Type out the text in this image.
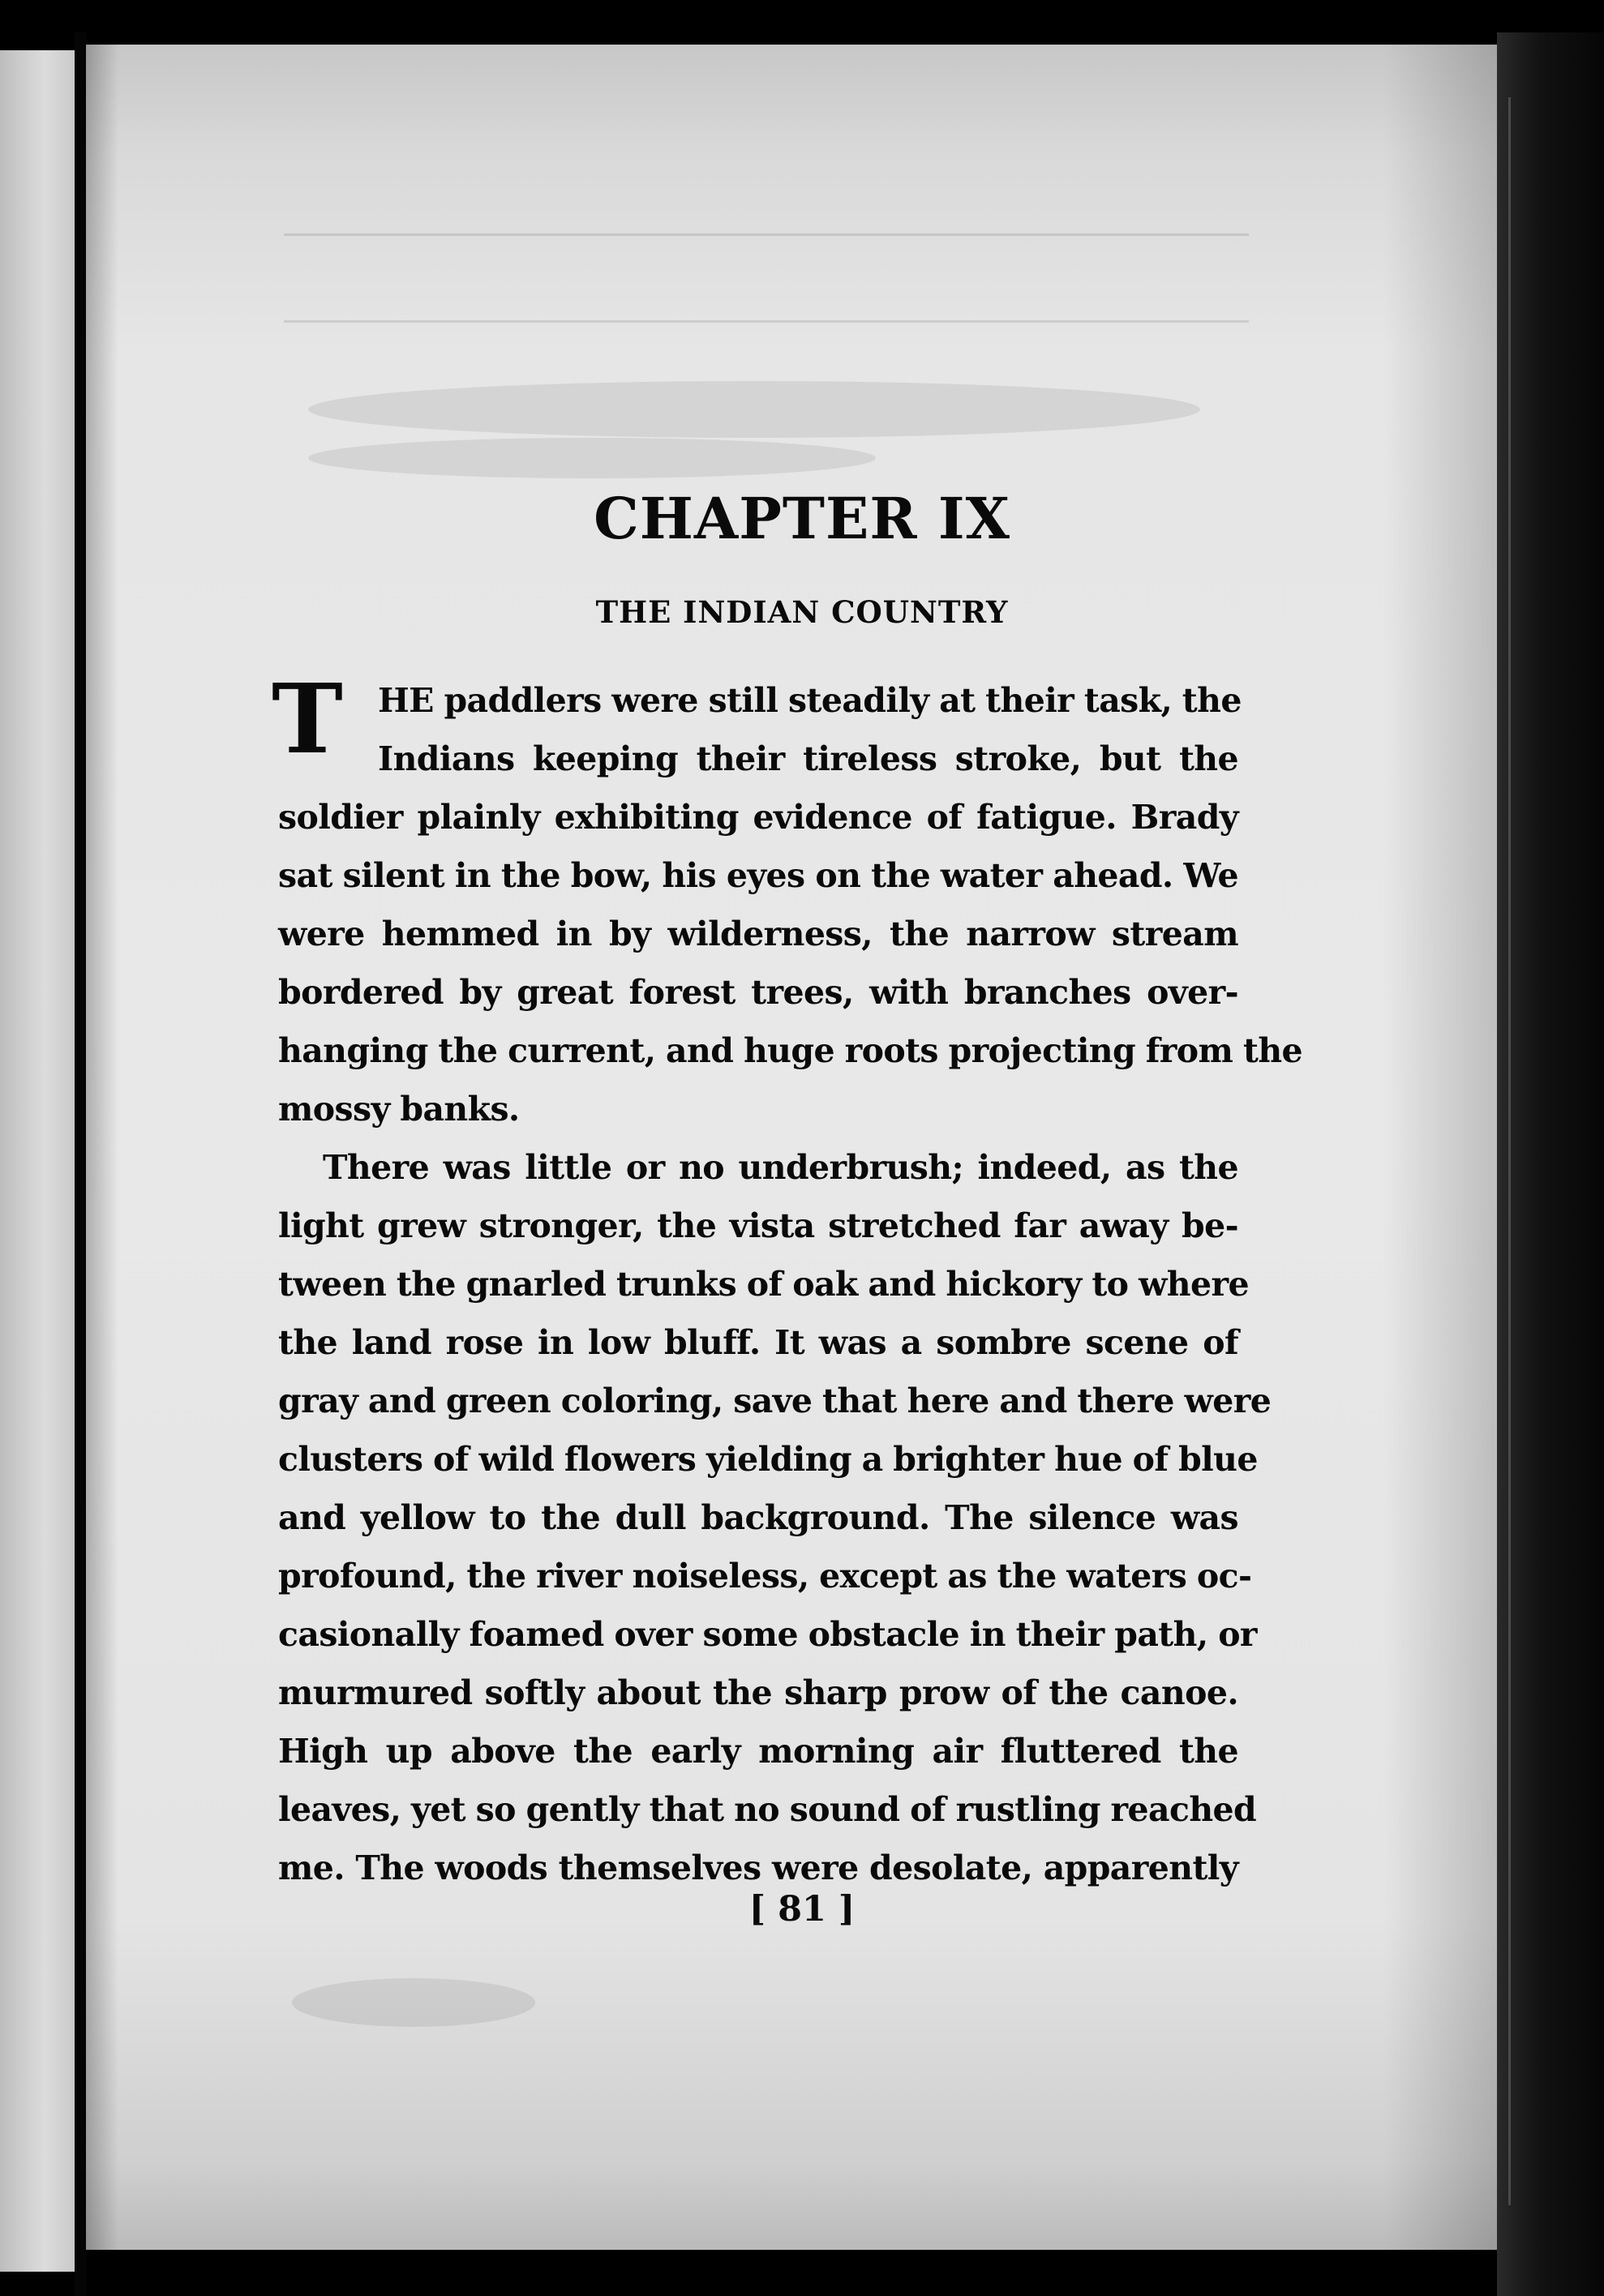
CHAPTER IX
THE INDIAN COUNTRY
T HE paddlers were still steadily at their task, the
Indians keeping their tireless stroke, but the
soldier plainly exhibiting evidence of fatigue. Brady
sat silent in the bow, his eyes on the water ahead. We
were hemmed in by wilderness, the narrow stream
bordered by great forest trees, with branches over-
hanging the current, and huge roots projecting from the
mossy banks.
There was little or no underbrush; indeed, as the
light grew stronger, the vista stretched far away be-
tween the gnarled trunks of oak and hickory to where
the land rose in low bluff. It was a sombre scene of
gray and green coloring, save that here and there were
clusters of wild flowers yielding a brighter hue of blue
and yellow to the dull background. The silence was
profound, the river noiseless, except as the waters oc-
casionally foamed over some obstacle in their path, or
murmured softly about the sharp prow of the canoe.
High up above the early morning air fluttered the
leaves, yet so gently that no sound of rustling reached
me. The woods themselves were desolate, apparently
[ 81 ]
